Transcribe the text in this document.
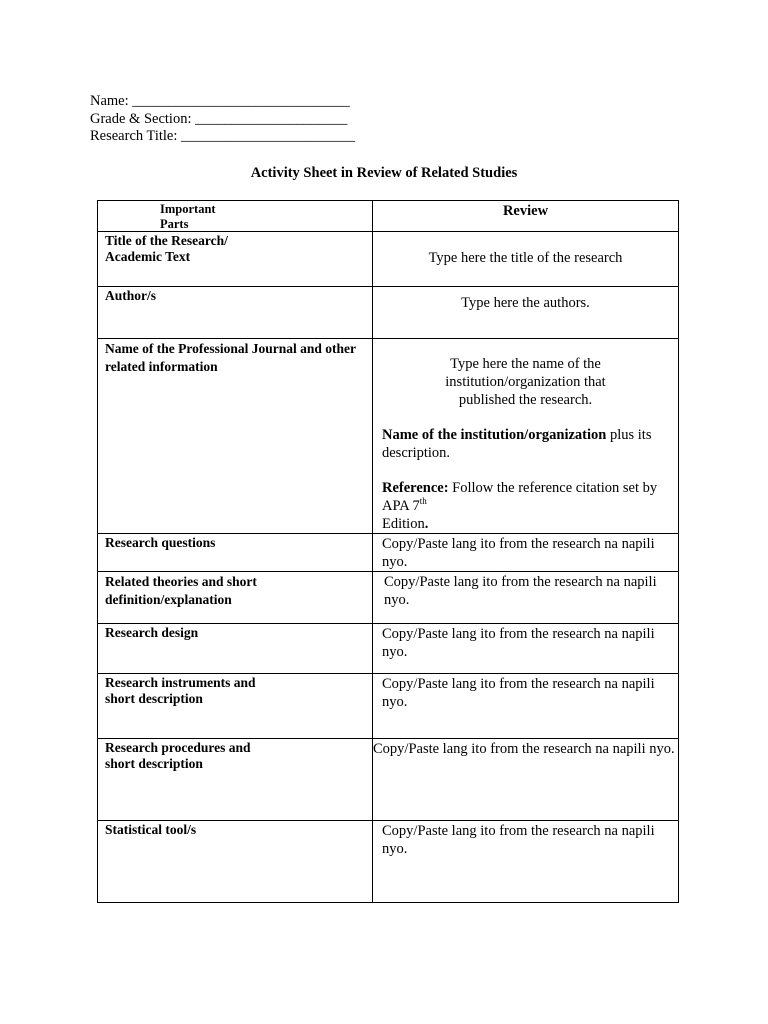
Name: ______________________________
Grade & Section: _____________________
Research Title: ________________________
Activity Sheet in Review of Related Studies
Important
Parts	Review

Title of the Research/
Academic Text	Type here the title of the research

Author/s	Type here the authors.

Name of the Professional Journal and other related information	Type here the name of the institution/organization that
published the research.
Name of the institution/organization plus its description.
Reference: Follow the reference citation set by APA 7th
Edition.

Research questions	Copy/Paste lang ito from the research na napili nyo.

Related theories and short definition/explanation	Copy/Paste lang ito from the research na napili nyo.

Research design	Copy/Paste lang ito from the research na napili nyo.

Research instruments and
short description	Copy/Paste lang ito from the research na napili nyo.

Research procedures and
short description	Copy/Paste lang ito from the research na napili nyo.

Statistical tool/s	Copy/Paste lang ito from the research na napili nyo.
